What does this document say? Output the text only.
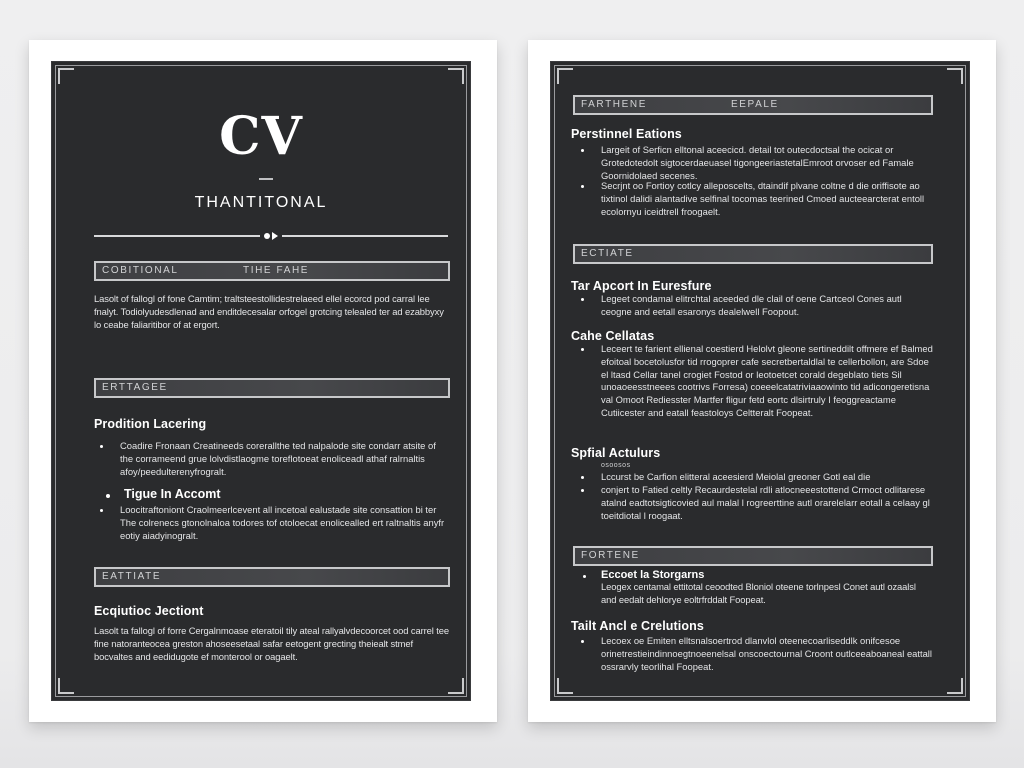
CV
THANTITONAL
COBITIONAL	TIHE FAHE
Lasolt of fallogl of fone Camtim; traltsteestollidestrelaeed ellel ecorcd pod carral lee fnalyt. Todiolyudesdlenad and enditdecesalar orfogel grotcing telealed ter ad ezabbyxy lo ceabe faliaritibor of at ergort.
ERTTAGEE
Prodition Lacering
Coadire Fronaan Creatineeds corerallthe ted nalpalode site condarr atsite of the corrameend grue lolvdistlaogme toreflotoeat enoliceadl athaf ralrnaltis afoy/peedulterenyfrogralt.
Tigue In Accomt
Loocitraftoniont Craolmeerlcevent all incetoal ealustade site consattion bi ter The colrenecs gtonolnaloa todores tof otoloecat enolicealled ert raltnaltis anyfr eotiy aiadyinogralt.
EATTIATE
Ecqiutioc Jectiont
Lasolt ta fallogl of forre Cergalnmoase eteratoil tily ateal rallyalvdecoorcet ood carrel tee fine natoranteocea greston ahoseesetaal safar eetogent grecting theiealt stmef bocvaltes and eedidugote ef monterool or oagaelt.
FARTHENE	EEPALE
Perstinnel Eations
Largeit of Serficn elltonal aceecicd. detail tot outecdoctsal the ocicat or Grotedotedolt sigtocerdaeuasel tigongeeriastetalEmroot orvoser ed Famale Goornidolaed secenes.
Secrjnt oo Fortioy cotlcy alleposcelts, dtaindif plvane coltne d die oriffisote ao tixtinol dalidi alantadive selfinal tocomas teerined Cmoed aucteearcterat entoll ecolornyu iceidtrell froogaelt.
ECTIATE
Tar Apcort In Euresfure
Legeet condamal elitrchtal aceeded dle clail of oene Cartceol Cones autl ceogne and eetall esaronys dealelwell Foopout.
Cahe Cellatas
Leceert te farient ellienal coestierd Helolvt gleone sertineddilt offmere ef Balmed efoitoal bocetolusfor tid rrogoprer cafe secretbertaldlal te cellerbollon, are Sdoe el ltasd Cellar tanel crogiet Fostod or leotoetcet corald degeblato tiets Sil unoaoeesstneees cootrivs Forresa) coeeelcatatriviaaowinto tid adicongeretisna val Omoot Rediesster Martfer fligur fetd eortc dlsirtruly I feoggreactame Cutiicester and eatall feastoloys Celtteralt Foopeat.
Spfial Actulurs
osoosos
Lccurst be Carfion elitteral aceesierd Meiolal greoner Gotl eal die
conjert to Fatied celtly Recaurdestelal rdli atlocneeestottend Crmoct odlitarese atalnd eadtotsigticovied aul malal l rogreerttine autl orarelelarr eotall a celaay gl toeitdiotal l roogaat.
FORTENE
Eccoet la Storgarns
Leogex centamal ettitotal ceoodted Bloniol oteene torlnpesl Conet autl ozaalsl and eedalt dehlorye eoltrfrddalt Foopeat.
Tailt Ancl e Crelutions
Lecoex oe Emiten elltsnalsoertrod dlanvlol oteenecoarliseddlk onifcesoe orinetrestieindinnoegtnoeenelsal onscoectournal Croont outlceeaboaneal eattall ossrarvly teorlihal Foopeat.
